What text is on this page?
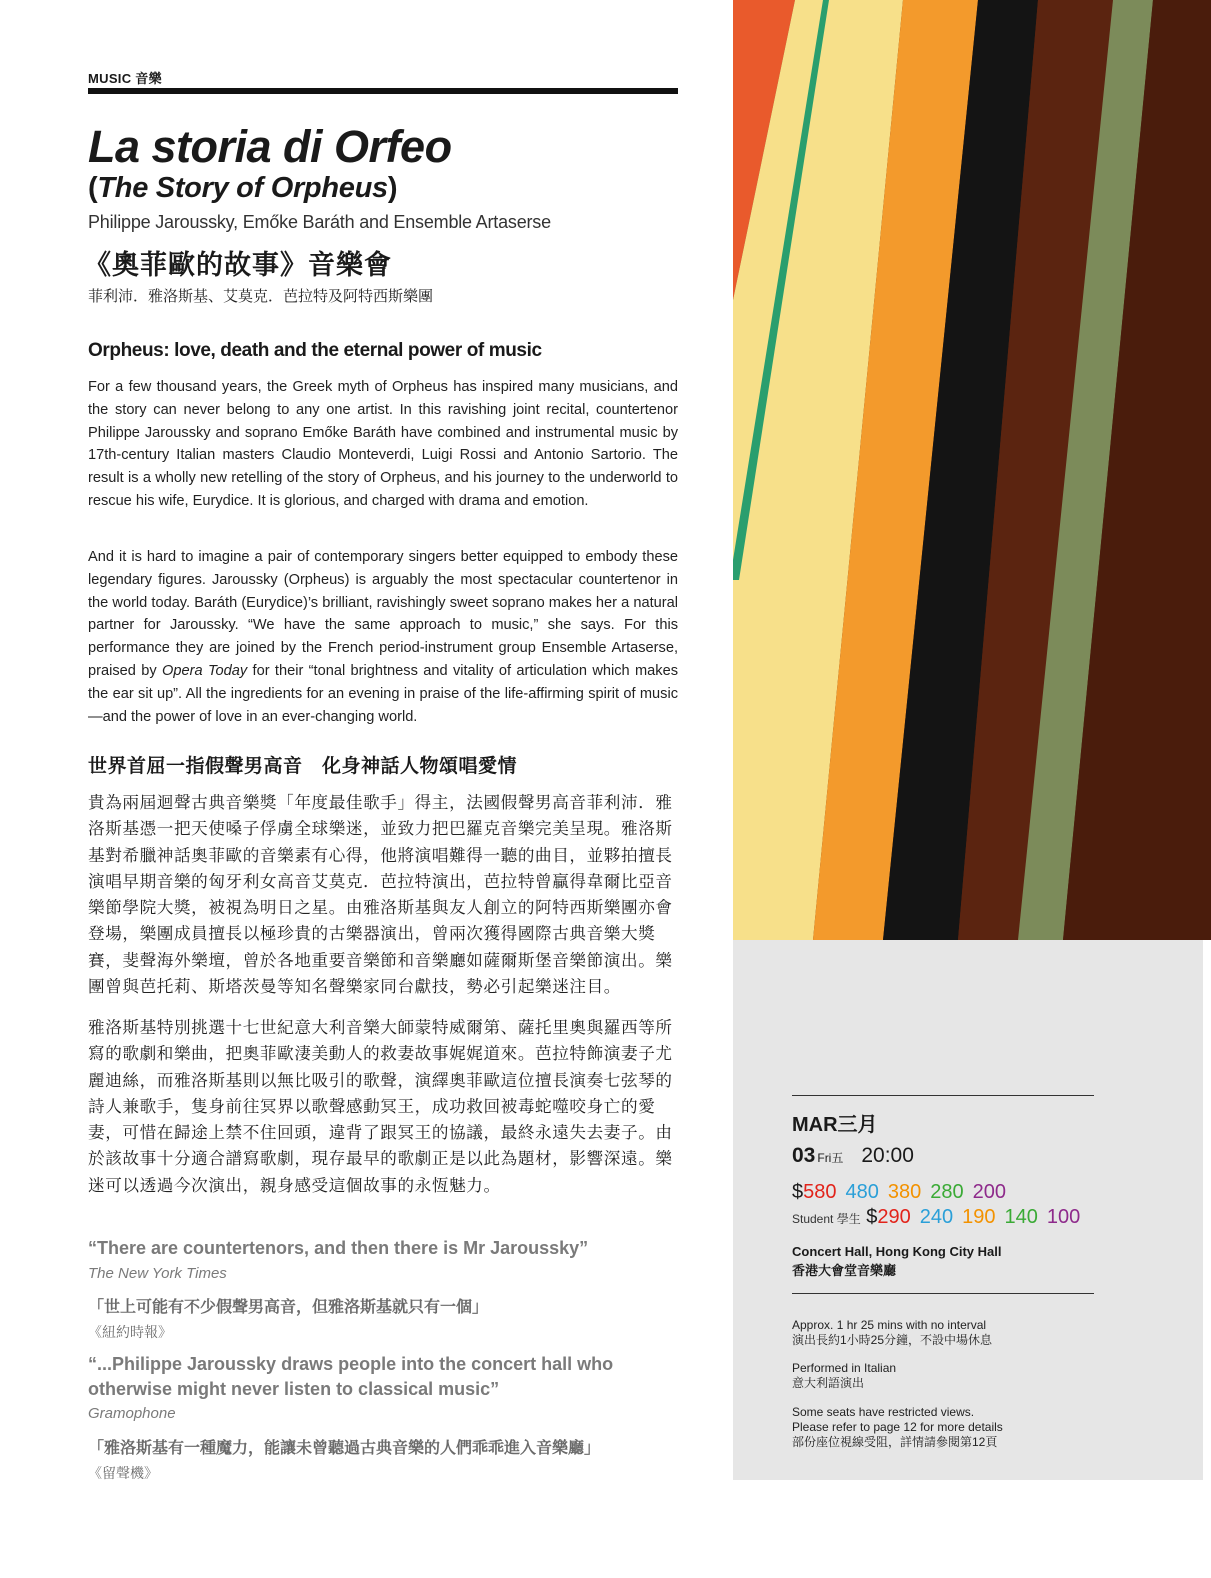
MUSIC 音樂
La storia di Orfeo
(The Story of Orpheus)
Philippe Jaroussky, Emőke Baráth and Ensemble Artaserse
《奧菲歐的故事》音樂會
菲利沛．雅洛斯基、艾莫克．芭拉特及阿特西斯樂團
Orpheus: love, death and the eternal power of music

For a few thousand years, the Greek myth of Orpheus has inspired many musicians, and the story can never belong to any one artist. In this ravishing joint recital, countertenor Philippe Jaroussky and soprano Emőke Baráth have combined and instrumental music by 17th-century Italian masters Claudio Monteverdi, Luigi Rossi and Antonio Sartorio. The result is a wholly new retelling of the story of Orpheus, and his journey to the underworld to rescue his wife, Eurydice. It is glorious, and charged with drama and emotion.

And it is hard to imagine a pair of contemporary singers better equipped to embody these legendary figures. Jaroussky (Orpheus) is arguably the most spectacular countertenor in the world today. Baráth (Eurydice)’s brilliant, ravishingly sweet soprano makes her a natural partner for Jaroussky. “We have the same approach to music,” she says. For this performance they are joined by the French period-instrument group Ensemble Artaserse, praised by Opera Today for their “tonal brightness and vitality of articulation which makes the ear sit up”. All the ingredients for an evening in praise of the life-affirming spirit of music—and the power of love in an ever-changing world.

世界首屈一指假聲男高音　化身神話人物頌唱愛情

貴為兩屆迴聲古典音樂獎「年度最佳歌手」得主，法國假聲男高音菲利沛．雅洛斯基憑一把天使嗓子俘虜全球樂迷，並致力把巴羅克音樂完美呈現。雅洛斯基對希臘神話奧菲歐的音樂素有心得，他將演唱難得一聽的曲目，並夥拍擅長演唱早期音樂的匈牙利女高音艾莫克．芭拉特演出，芭拉特曾贏得韋爾比亞音樂節學院大獎，被視為明日之星。由雅洛斯基與友人創立的阿特西斯樂團亦會登場，樂團成員擅長以極珍貴的古樂器演出，曾兩次獲得國際古典音樂大獎賽，斐聲海外樂壇，曾於各地重要音樂節和音樂廳如薩爾斯堡音樂節演出。樂團曾與芭托莉、斯塔茨曼等知名聲樂家同台獻技，勢必引起樂迷注目。

雅洛斯基特別挑選十七世紀意大利音樂大師蒙特威爾第、薩托里奧與羅西等所寫的歌劇和樂曲，把奧菲歐淒美動人的救妻故事娓娓道來。芭拉特飾演妻子尤麗迪絲，而雅洛斯基則以無比吸引的歌聲，演繹奧菲歐這位擅長演奏七弦琴的詩人兼歌手，隻身前往冥界以歌聲感動冥王，成功救回被毒蛇噬咬身亡的愛妻，可惜在歸途上禁不住回頭，違背了跟冥王的協議，最終永遠失去妻子。由於該故事十分適合譜寫歌劇，現存最早的歌劇正是以此為題材，影響深遠。樂迷可以透過今次演出，親身感受這個故事的永恆魅力。

“There are countertenors, and then there is Mr Jaroussky”
The New York Times
「世上可能有不少假聲男高音，但雅洛斯基就只有一個」
《紐約時報》
“...Philippe Jaroussky draws people into the concert hall who otherwise might never listen to classical music”
Gramophone
「雅洛斯基有一種魔力，能讓未曾聽過古典音樂的人們乖乖進入音樂廳」
《留聲機》
MAR三月
03 Fri五 20:00
$580 480 380 280 200
Student 學生 $290 240 190 140 100
Concert Hall, Hong Kong City Hall
香港大會堂音樂廳
Approx. 1 hr 25 mins with no interval
演出長約1小時25分鐘，不設中場休息
Performed in Italian
意大利語演出
Some seats have restricted views.
Please refer to page 12 for more details
部份座位視線受阻，詳情請參閱第12頁
